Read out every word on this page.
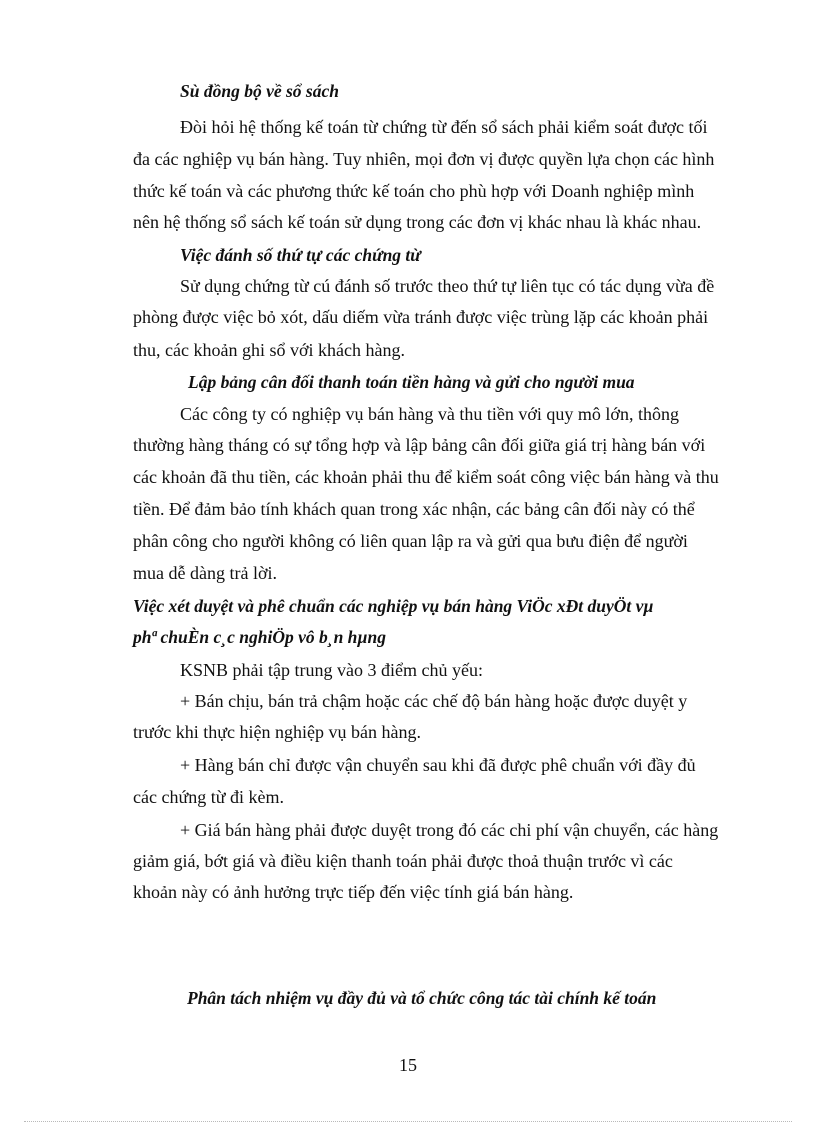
Sù đồng bộ về sổ sách
Đòi hỏi hệ thống kế toán từ chứng từ đến sổ sách phải kiểm soát được tối
đa các nghiệp vụ bán hàng. Tuy nhiên, mọi đơn vị được quyền lựa chọn các hình
thức kế toán và các phương thức kế toán cho phù hợp với Doanh nghiệp mình
nên hệ thống sổ sách kế toán sử dụng trong các đơn vị khác nhau là khác nhau.
Việc đánh số thứ tự các chứng từ
Sử dụng chứng từ cú đánh số trước theo thứ tự liên tục có tác dụng vừa đề
phòng được việc bỏ xót, dấu diếm vừa tránh được việc trùng lặp các khoản phải
thu, các khoản ghi sổ với khách hàng.
Lập bảng cân đối thanh toán tiền hàng và gửi cho người mua
Các công ty có nghiệp vụ bán hàng và thu tiền với quy mô lớn, thông
thường hàng tháng có sự tổng hợp và lập bảng cân đối giữa giá trị hàng bán với
các khoản đã thu tiền, các khoản phải thu để kiểm soát công việc bán hàng và thu
tiền. Để đảm bảo tính khách quan trong xác nhận, các bảng cân đối này có thể
phân công cho người không có liên quan lập ra và gửi qua bưu điện để người
mua dễ dàng trả lời.
Việc xét duyệt và phê chuẩn các nghiệp vụ bán hàng ViÖc xÐt duyÖt vµ
phª chuÈn c¸c nghiÖp vô b¸n hµng
KSNB phải tập trung vào 3 điểm chủ yếu:
+ Bán chịu, bán trả chậm hoặc các chế độ bán hàng hoặc được duyệt y
trước khi thực hiện nghiệp vụ bán hàng.
+ Hàng bán chỉ được vận chuyển sau khi đã được phê chuẩn với đầy đủ
các chứng từ đi kèm.
+ Giá bán hàng phải được duyệt trong đó các chi phí vận chuyển, các hàng
giảm giá, bớt giá và điều kiện thanh toán phải được thoả thuận trước vì các
khoản này có ảnh hưởng trực tiếp đến việc tính giá bán hàng.
Phân tách nhiệm vụ đầy đủ và tổ chức công tác tài chính kế toán
15
